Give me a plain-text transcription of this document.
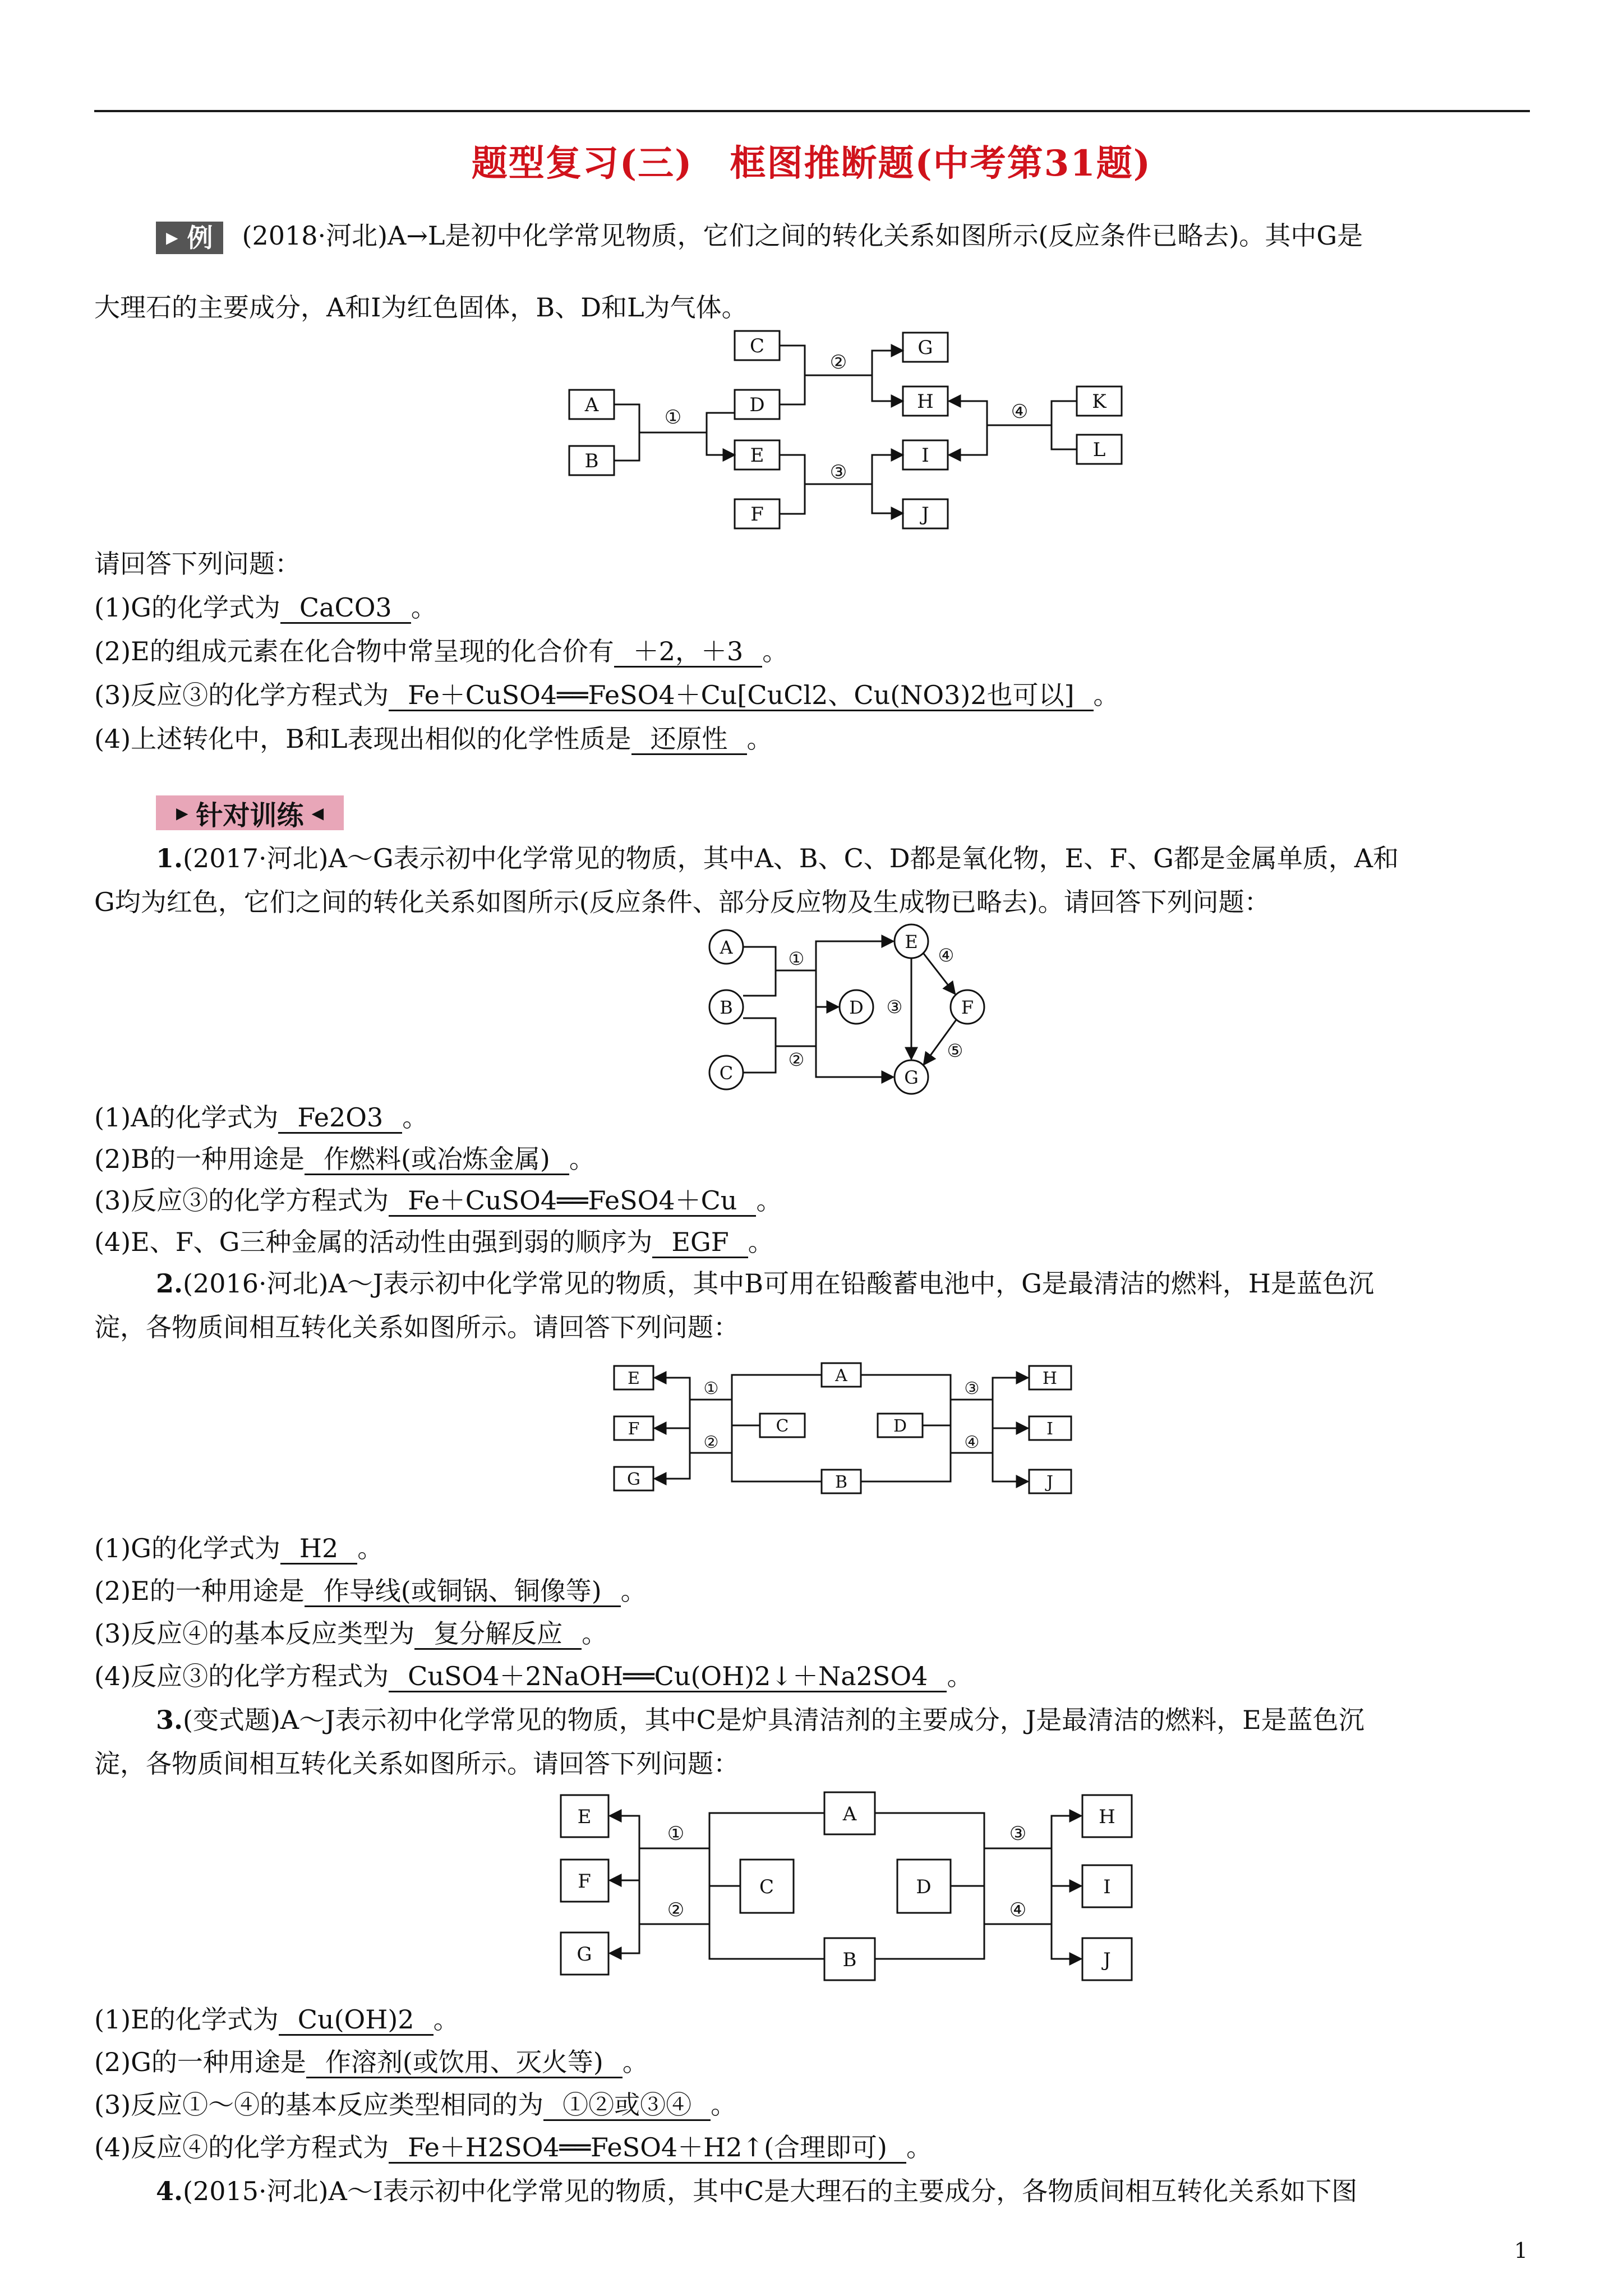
题型复习(三)　框图推断题(中考第31题)
▶ 例 (2018·河北)A→L是初中化学常见物质，它们之间的转化关系如图所示(反应条件已略去)。其中G是
大理石的主要成分，A和I为红色固体，B、D和L为气体。
A
B
①
C
D
E
F
②
③
G
H
I
J
K
L
④
请回答下列问题：
(1)G的化学式为 CaCO3 。
(2)E的组成元素在化合物中常呈现的化合价有 ＋2，＋3 。
(3)反应③的化学方程式为 Fe＋CuSO4══FeSO4＋Cu[CuCl2、Cu(NO3)2也可以] 。
(4)上述转化中，B和L表现出相似的化学性质是 还原性 。
▶ 针对训练 ◀
1.(2017·河北)A～G表示初中化学常见的物质，其中A、B、C、D都是氧化物，E、F、G都是金属单质，A和
G均为红色，它们之间的转化关系如图所示(反应条件、部分反应物及生成物已略去)。请回答下列问题：
A
B
C
D
E
F
G
①
②
③
④
⑤
(1)A的化学式为 Fe2O3 。
(2)B的一种用途是 作燃料(或冶炼金属) 。
(3)反应③的化学方程式为 Fe＋CuSO4══FeSO4＋Cu 。
(4)E、F、G三种金属的活动性由强到弱的顺序为 EGF 。
2.(2016·河北)A～J表示初中化学常见的物质，其中B可用在铅酸蓄电池中，G是最清洁的燃料，H是蓝色沉
淀，各物质间相互转化关系如图所示。请回答下列问题：
E
F
G
A
C	D
B
H
I
J
①
②
③
④
(1)G的化学式为 H2 。
(2)E的一种用途是 作导线(或铜锅、铜像等) 。
(3)反应④的基本反应类型为 复分解反应 。
(4)反应③的化学方程式为 CuSO4＋2NaOH══Cu(OH)2↓＋Na2SO4 。
3.(变式题)A～J表示初中化学常见的物质，其中C是炉具清洁剂的主要成分，J是最清洁的燃料，E是蓝色沉
淀，各物质间相互转化关系如图所示。请回答下列问题：
E
F
G
A
C	D
B
H
I
J
①
②
③
④
(1)E的化学式为 Cu(OH)2 。
(2)G的一种用途是 作溶剂(或饮用、灭火等) 。
(3)反应①～④的基本反应类型相同的为 ①②或③④ 。
(4)反应④的化学方程式为 Fe＋H2SO4══FeSO4＋H2↑(合理即可) 。
4.(2015·河北)A～I表示初中化学常见的物质，其中C是大理石的主要成分，各物质间相互转化关系如下图
1
